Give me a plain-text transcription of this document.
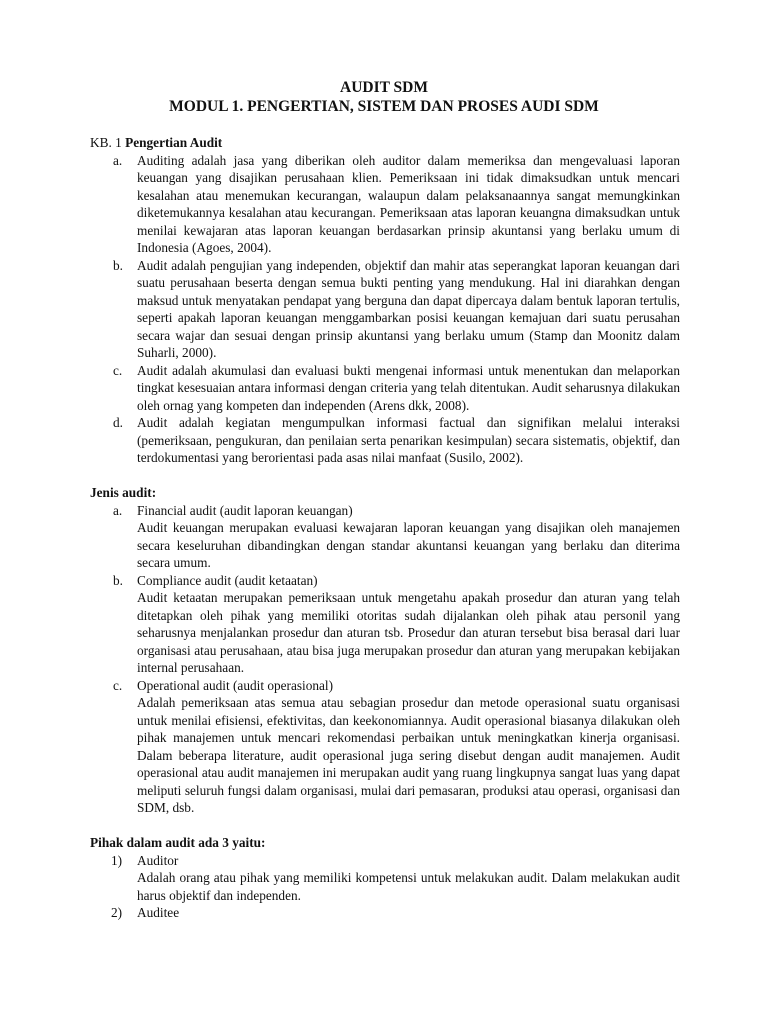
AUDIT SDM
MODUL 1. PENGERTIAN, SISTEM DAN PROSES AUDI SDM
KB. 1 Pengertian Audit
a. Auditing adalah jasa yang diberikan oleh auditor dalam memeriksa dan mengevaluasi laporan keuangan yang disajikan perusahaan klien. Pemeriksaan ini tidak dimaksudkan untuk mencari kesalahan atau menemukan kecurangan, walaupun dalam pelaksanaannya sangat memungkinkan diketemukannya kesalahan atau kecurangan. Pemeriksaan atas laporan keuangna dimaksudkan untuk menilai kewajaran atas laporan keuangan berdasarkan prinsip akuntansi yang berlaku umum di Indonesia (Agoes, 2004).
b. Audit adalah pengujian yang independen, objektif dan mahir atas seperangkat laporan keuangan dari suatu perusahaan beserta dengan semua bukti penting yang mendukung. Hal ini diarahkan dengan maksud untuk menyatakan pendapat yang berguna dan dapat dipercaya dalam bentuk laporan tertulis, seperti apakah laporan keuangan menggambarkan posisi keuangan kemajuan dari suatu perusahan secara wajar dan sesuai dengan prinsip akuntansi yang berlaku umum (Stamp dan Moonitz dalam Suharli, 2000).
c. Audit adalah akumulasi dan evaluasi bukti mengenai informasi untuk menentukan dan melaporkan tingkat kesesuaian antara informasi dengan criteria yang telah ditentukan. Audit seharusnya dilakukan oleh ornag yang kompeten dan independen (Arens dkk, 2008).
d. Audit adalah kegiatan mengumpulkan informasi factual dan signifikan melalui interaksi (pemeriksaan, pengukuran, dan penilaian serta penarikan kesimpulan) secara sistematis, objektif, dan terdokumentasi yang berorientasi pada asas nilai manfaat (Susilo, 2002).
Jenis audit:
a. Financial audit (audit laporan keuangan)
Audit keuangan merupakan evaluasi kewajaran laporan keuangan yang disajikan oleh manajemen secara keseluruhan dibandingkan dengan standar akuntansi keuangan yang berlaku dan diterima secara umum.
b. Compliance audit (audit ketaatan)
Audit ketaatan merupakan pemeriksaan untuk mengetahu apakah prosedur dan aturan yang telah ditetapkan oleh pihak yang memiliki otoritas sudah dijalankan oleh pihak atau personil yang seharusnya menjalankan prosedur dan aturan tsb. Prosedur dan aturan tersebut bisa berasal dari luar organisasi atau perusahaan, atau bisa juga merupakan prosedur dan aturan yang merupakan kebijakan internal perusahaan.
c. Operational audit (audit operasional)
Adalah pemeriksaan atas semua atau sebagian prosedur dan metode operasional suatu organisasi untuk menilai efisiensi, efektivitas, dan keekonomiannya. Audit operasional biasanya dilakukan oleh pihak manajemen untuk mencari rekomendasi perbaikan untuk meningkatkan kinerja organisasi. Dalam beberapa literature, audit operasional juga sering disebut dengan audit manajemen. Audit operasional atau audit manajemen ini merupakan audit yang ruang lingkupnya sangat luas yang dapat meliputi seluruh fungsi dalam organisasi, mulai dari pemasaran, produksi atau operasi, organisasi dan SDM, dsb.
Pihak dalam audit ada 3 yaitu:
1) Auditor
Adalah orang atau pihak yang memiliki kompetensi untuk melakukan audit. Dalam melakukan audit harus objektif dan independen.
2) Auditee
